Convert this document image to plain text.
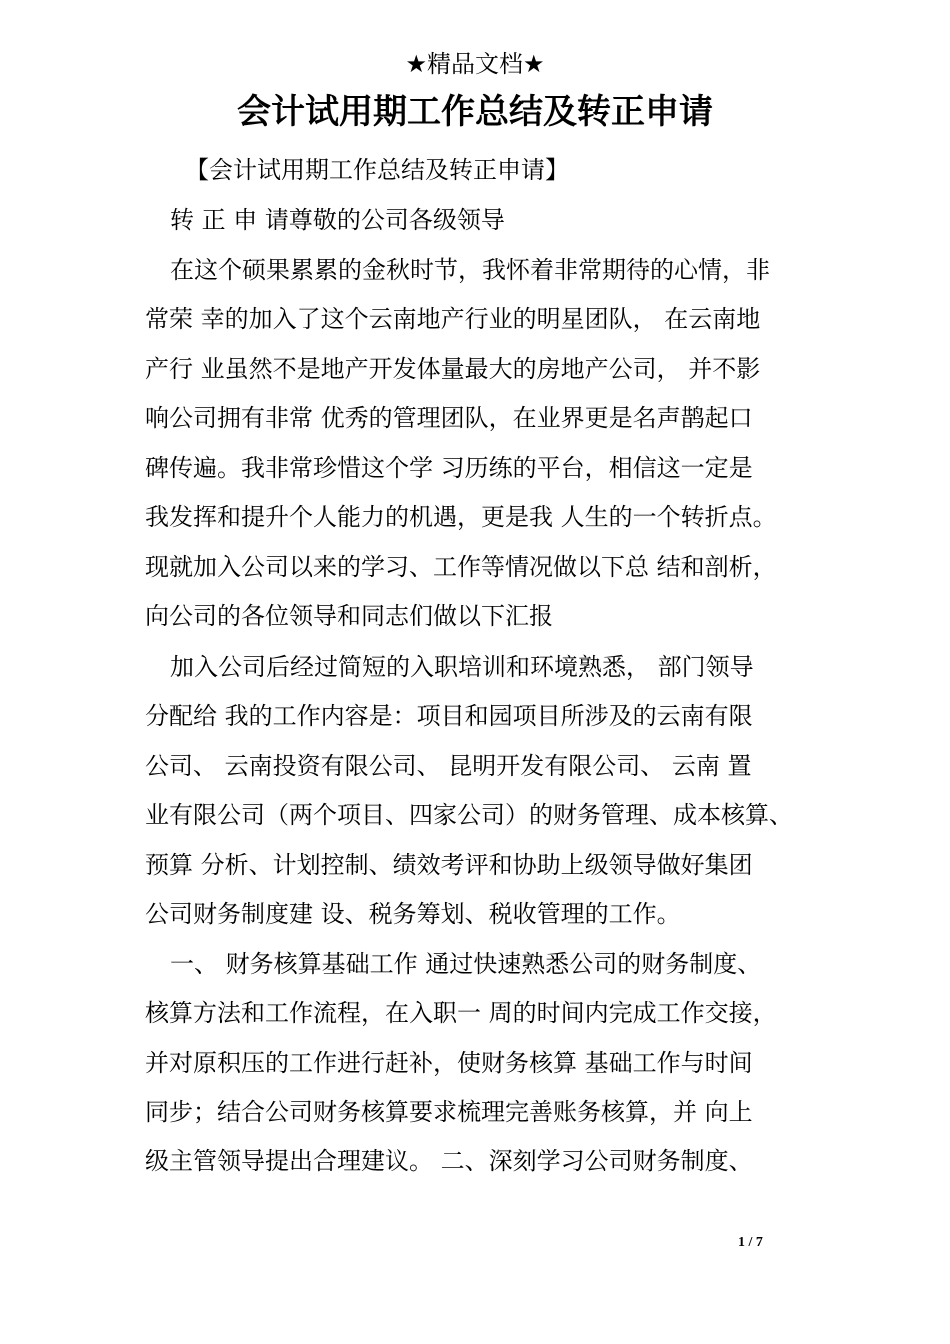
★精品文档★
会计试用期工作总结及转正申请
【会计试用期工作总结及转正申请】
转 正 申 请尊敬的公司各级领导
在这个硕果累累的金秋时节，我怀着非常期待的心情，非
常荣 幸的加入了这个云南地产行业的明星团队， 在云南地
产行 业虽然不是地产开发体量最大的房地产公司， 并不影
响公司拥有非常 优秀的管理团队，在业界更是名声鹊起口
碑传遍。我非常珍惜这个学 习历练的平台，相信这一定是
我发挥和提升个人能力的机遇，更是我 人生的一个转折点。
现就加入公司以来的学习、工作等情况做以下总 结和剖析，
向公司的各位领导和同志们做以下汇报
加入公司后经过简短的入职培训和环境熟悉， 部门领导
分配给 我的工作内容是：项目和园项目所涉及的云南有限
公司、 云南投资有限公司、 昆明开发有限公司、 云南 置
业有限公司（两个项目、四家公司）的财务管理、成本核算、
预算 分析、计划控制、绩效考评和协助上级领导做好集团
公司财务制度建 设、税务筹划、税收管理的工作。
一、 财务核算基础工作 通过快速熟悉公司的财务制度、
核算方法和工作流程，在入职一 周的时间内完成工作交接，
并对原积压的工作进行赶补，使财务核算 基础工作与时间
同步；结合公司财务核算要求梳理完善账务核算，并 向上
级主管领导提出合理建议。 二、深刻学习公司财务制度、
1 / 7
